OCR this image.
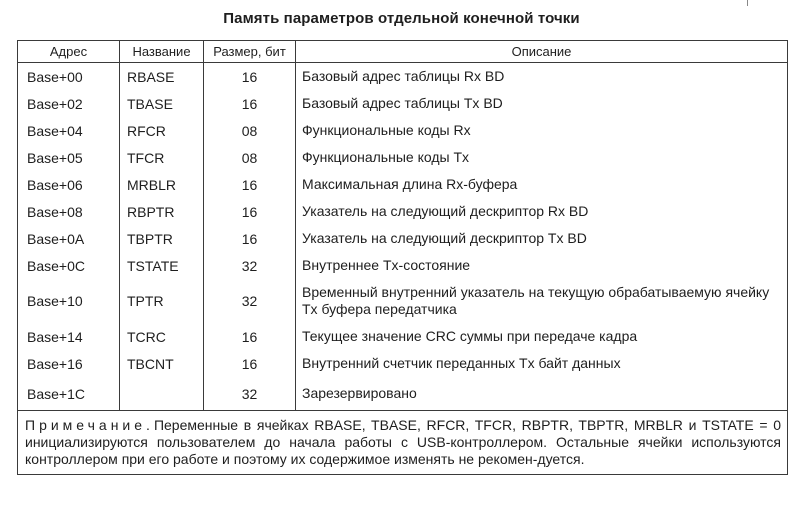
Память параметров отдельной конечной точки
Адрес	Название	Размер, бит	Описание
Base+00	RBASE	16	Базовый адрес таблицы Rx BD
Base+02	TBASE	16	Базовый адрес таблицы Tx BD
Base+04	RFCR	08	Функциональные коды Rx
Base+05	TFCR	08	Функциональные коды Tx
Base+06	MRBLR	16	Максимальная длина Rx-буфера
Base+08	RBPTR	16	Указатель на следующий дескриптор Rx BD
Base+0A	TBPTR	16	Указатель на следующий дескриптор Tx BD
Base+0C	TSTATE	32	Внутреннее Tx-состояние
Base+10	TPTR	32	Временный внутренний указатель на текущую обрабатываемую ячейку Tx буфера передатчика
Base+14	TCRC	16	Текущее значение CRC суммы при передаче кадра
Base+16	TBCNT	16	Внутренний счетчик переданных Tx байт данных
Base+1C		32	Зарезервировано
Примечание.Переменные в ячейках RBASE, TBASE, RFCR, TFCR, RBPTR, TBPTR, MRBLR и TSTATE = 0 инициализируются пользователем до начала работы с USB-контроллером. Остальные ячейки используются контроллером при его работе и поэтому их содержимое изменять не рекомен-дуется.			
